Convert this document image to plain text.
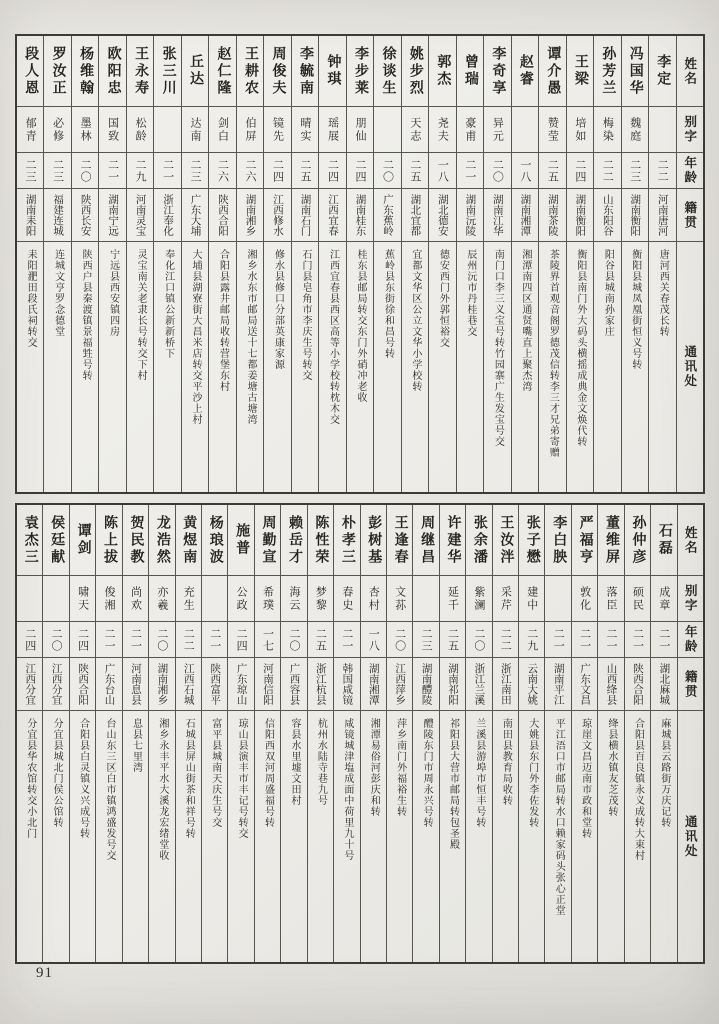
姓名
别字
年龄
籍贯
通讯处
李定
二二
河南唐河
唐河西关春茂长转
冯国华
魏庭
二三
湖南衡阳
衡阳县城凤凰街恒义号转
孙芳兰
梅染
二二
山东阳谷
阳谷县城南孙家庄
王梁
培如
二四
湖南衡阳
衡阳县南门外大码头横摇成典金文焕代转
谭介愚
赞莹
二五
湖南茶陵
茶陵界首观音阁罗德茂信转李三才兄弟寄赠
赵睿
一八
湖南湘潭
湘潭南四区通贤嘴直上聚杰湾
李奇享
异元
二〇
湖南江华
南门口李三义宝号转竹园寨广生发宝号交
曾瑞
豪甫
二一
湖南沅陵
辰州沅市丹桂巷交
郭杰
尧夫
一八
湖北德安
德安西门外郭恒裕交
姚步烈
天志
二五
湖北宜都
宜都文华区公立文华小学校转
徐谈生
二〇
广东蕉岭
蕉岭县东街徐和昌号转
李步莱
朋仙
二四
湖南桂东
桂东县邮局转交东门外硝冲老收
钟琪
瑶展
二四
江西宜春
江西宜春县西区高等小学校转枕木交
李毓南
晴实
二五
湖南石门
石门县皂角市李庆生号转交
周俊夫
镜先
二四
江西修水
修水县修口分部英康家源
王耕农
伯屏
二六
湖南湘乡
湘乡水东市邮局送十七都姜塘古塘湾
赵仁隆
剑白
二六
陕西合阳
合阳县露井邮局收转营堡东村
丘达
达南
二三
广东大埔
大埔县湖寮街大昌米店转交平沙上村
张三川
二一
浙江奉化
奉化江口镇公新新桥下
王永寿
松龄
二九
河南灵宝
灵宝南关老隶长号转交下村
欧阳忠
国致
二一
湖南宁远
宁远县西安镇四房
杨维翰
墨林
二〇
陕西长安
陕西户县秦渡镇景福甡号转
罗汝正
必修
二三
福建连城
连城文亨罗念德堂
段人恩
郁青
二三
湖南耒阳
耒阳淝田段氏祠转交
姓名
别字
年龄
籍贯
通讯处
石磊
成章
二一
湖北麻城
麻城县云路街万庆记转
孙仲彦
硕民
二一
陕西合阳
合阳县百良镇永义成转大束村
董维屏
落臣
二一
山西绛县
绛县横水镇友芝茂转
严福亨
敦化
二一
广东文昌
琼崖文昌迈南市政和堂转
李白胦
二一
湖南平江
平江浯口市邮局转水口赖家码头张心正堂
张子懋
建中
二九
云南大姚
大姚县东门外李佐发转
王汝泮
采芹
二二
浙江南田
南田县教育局收转
张余潘
紫澜
二〇
浙江兰溪
兰溪县游埠市恒丰号转
许建华
延千
二五
湖南祁阳
祁阳县大营市邮局转包圣殿
周继昌
二三
湖南醴陵
醴陵东门市周永兴号转
王逢春
文荪
二〇
江西萍乡
萍乡南门外福裕生转
彭树基
杏村
一八
湖南湘潭
湘潭易俗河彭庆和转
朴孝三
春史
二一
韩国咸镜
咸镜城津塩成面中荷里九十号
陈性荣
梦黎
二五
浙江杭县
杭州水陆寺巷九号
赖岳才
海云
二〇
广西容县
容县水里墟文田村
周勤宣
希璞
一七
河南信阳
信阳西双河周盛福号转
施普
公政
二四
广东琼山
琼山县演丰市丰记号转交
杨琅波
二一
陕西富平
富平县城南天庆生号交
黄煜南
充生
二二
江西石城
石城县屏山街茶和祥号转
龙浩然
亦羲
二〇
湖南湘乡
湘乡永丰平水大溪龙宏绪堂收
贺民教
尚欢
二一
河南息县
息县七里湾
陈上拔
俊湘
二一
广东台山
台山东三区白市镇鸿盛发号交
谭剑
啸天
二四
陕西合阳
合阳县白灵镇义兴成号转
侯廷献
二〇
江西分宜
分宜县城北门侯公馆转
袁杰三
二四
江西分宜
分宜县华农馆转交小北门
91
